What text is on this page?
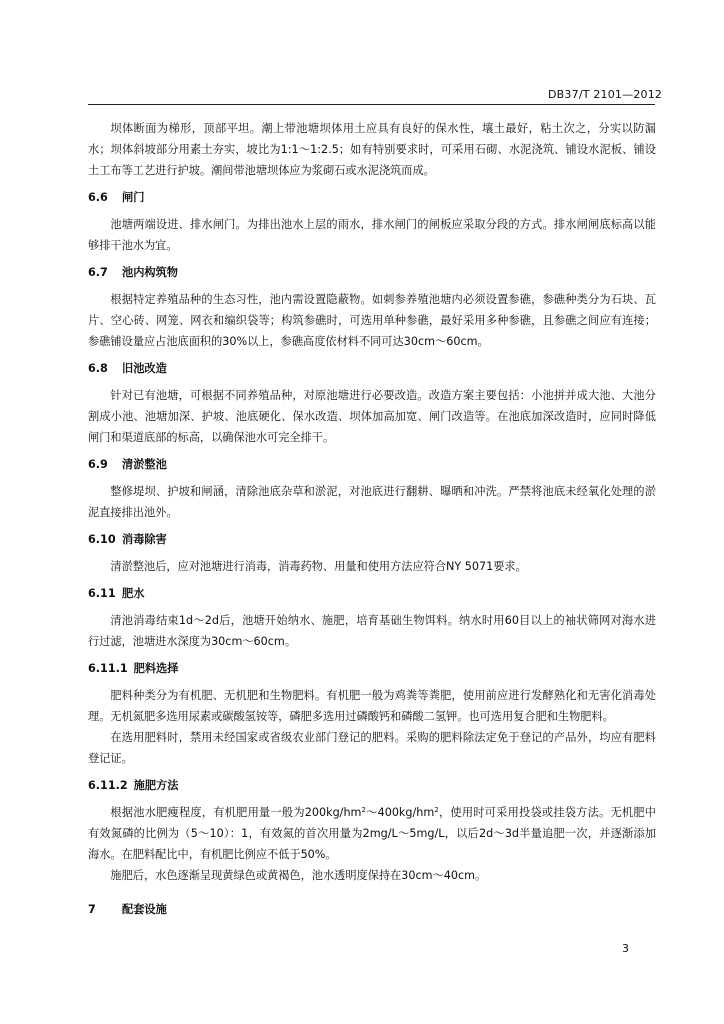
DB37/T 2101—2012

坝体断面为梯形，顶部平坦。潮上带池塘坝体用土应具有良好的保水性，壤土最好，粘土次之，分实以防漏水；坝体斜坡部分用素土夯实，坡比为1:1～1:2.5；如有特别要求时，可采用石砌、水泥浇筑、铺设水泥板、铺设土工布等工艺进行护坡。潮间带池塘坝体应为浆砌石或水泥浇筑而成。

6.6 闸门

池塘两端设进、排水闸门。为排出池水上层的雨水，排水闸门的闸板应采取分段的方式。排水闸闸底标高以能够排干池水为宜。

6.7 池内构筑物

根据特定养殖品种的生态习性，池内需设置隐蔽物。如刺参养殖池塘内必须设置参礁，参礁种类分为石块、瓦片、空心砖、网笼、网衣和编织袋等；构筑参礁时，可选用单种参礁，最好采用多种参礁，且参礁之间应有连接；参礁铺设量应占池底面积的30%以上，参礁高度依材料不同可达30cm～60cm。

6.8 旧池改造

针对已有池塘，可根据不同养殖品种，对原池塘进行必要改造。改造方案主要包括：小池拼并成大池、大池分割成小池、池塘加深、护坡、池底硬化、保水改造、坝体加高加宽、闸门改造等。在池底加深改造时，应同时降低闸门和渠道底部的标高，以确保池水可完全排干。

6.9 清淤整池

整修堤坝、护坡和闸涵，清除池底杂草和淤泥，对池底进行翻耕、曝晒和冲洗。严禁将池底未经氧化处理的淤泥直接排出池外。

6.10 消毒除害

清淤整池后，应对池塘进行消毒，消毒药物、用量和使用方法应符合NY 5071要求。

6.11 肥水

清池消毒结束1d～2d后，池塘开始纳水、施肥，培育基础生物饵料。纳水时用60目以上的袖状筛网对海水进行过滤，池塘进水深度为30cm～60cm。

6.11.1 肥料选择

肥料种类分为有机肥、无机肥和生物肥料。有机肥一般为鸡粪等粪肥，使用前应进行发酵熟化和无害化消毒处理。无机氮肥多选用尿素或碳酸氢铵等，磷肥多选用过磷酸钙和磷酸二氢钾。也可选用复合肥和生物肥料。

在选用肥料时，禁用未经国家或省级农业部门登记的肥料。采购的肥料除法定免于登记的产品外，均应有肥料登记证。

6.11.2 施肥方法

根据池水肥瘦程度，有机肥用量一般为$200kg/hm^2\sim 400kg/hm^2$，使用时可采用投袋或挂袋方法。无机肥中有效氮磷的比例为（5～10）：1，有效氮的首次用量为2mg/L～5mg/L，以后2d～3d半量追肥一次，并逐渐添加海水。在肥料配比中，有机肥比例应不低于50%。

施肥后，水色逐渐呈现黄绿色或黄褐色，池水透明度保持在30cm～40cm。

7 配套设施

3
